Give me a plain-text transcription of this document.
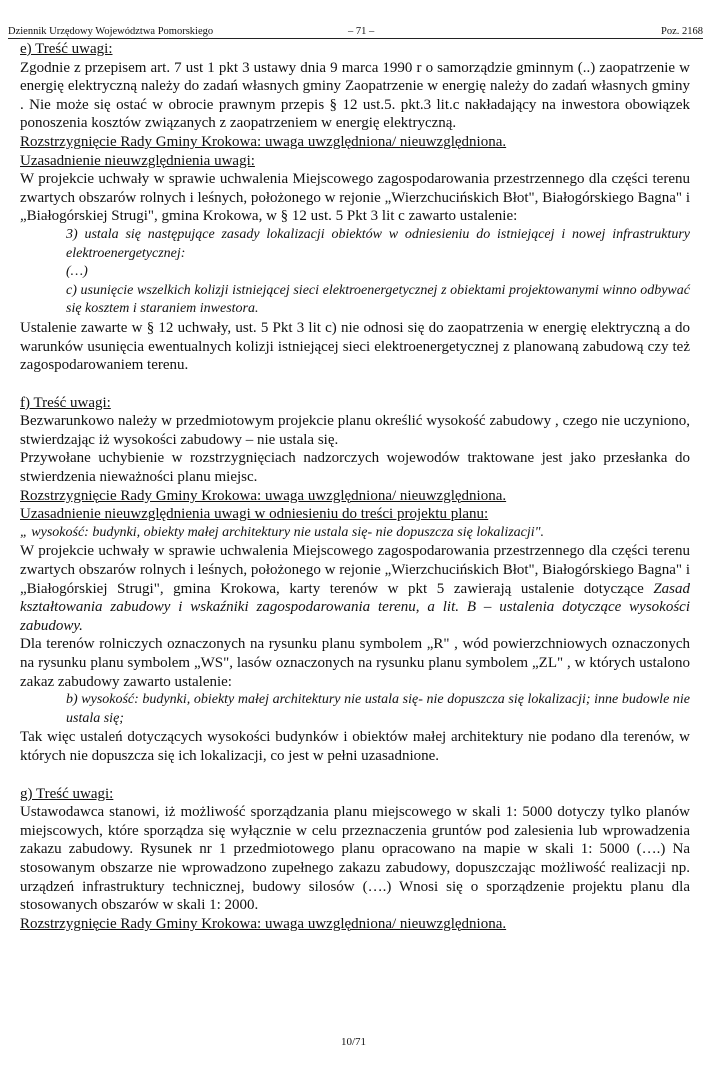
Dziennik Urzędowy Województwa Pomorskiego	– 71 –	Poz. 2168

e) Treść uwagi:

Zgodnie z przepisem art. 7 ust 1 pkt 3 ustawy dnia 9 marca 1990 r o samorządzie gminnym (..) zaopatrzenie w energię elektryczną należy do zadań własnych gminy Zaopatrzenie w energię należy do zadań własnych gminy . Nie może się ostać w obrocie prawnym przepis § 12 ust.5. pkt.3 lit.c nakładający na inwestora obowiązek ponoszenia kosztów związanych z zaopatrzeniem w energię elektryczną.

Rozstrzygnięcie Rady Gminy Krokowa: uwaga uwzględniona/ nieuwzględniona.

Uzasadnienie nieuwzględnienia uwagi:

W projekcie uchwały w sprawie uchwalenia Miejscowego zagospodarowania przestrzennego dla części terenu zwartych obszarów rolnych i leśnych, położonego w rejonie „Wierzchucińskich Błot", Białogórskiego Bagna" i „Białogórskiej Strugi", gmina Krokowa, w § 12 ust. 5 Pkt 3 lit c zawarto ustalenie:

3) ustala się następujące zasady lokalizacji obiektów w odniesieniu do istniejącej i nowej infrastruktury elektroenergetycznej:

(…)

c) usunięcie wszelkich kolizji istniejącej sieci elektroenergetycznej z obiektami projektowanymi winno odbywać się kosztem i staraniem inwestora.

Ustalenie zawarte w § 12 uchwały, ust. 5 Pkt 3 lit c) nie odnosi się do zaopatrzenia w energię elektryczną a do warunków usunięcia ewentualnych kolizji istniejącej sieci elektroenergetycznej z planowaną zabudową czy też zagospodarowaniem terenu.

f) Treść uwagi:

Bezwarunkowo należy w przedmiotowym projekcie planu określić wysokość zabudowy , czego nie uczyniono, stwierdzając iż wysokości zabudowy – nie ustala się.

Przywołane uchybienie w rozstrzygnięciach nadzorczych wojewodów traktowane jest jako przesłanka do stwierdzenia nieważności planu miejsc.

Rozstrzygnięcie Rady Gminy Krokowa: uwaga uwzględniona/ nieuwzględniona.

Uzasadnienie nieuwzględnienia uwagi w odniesieniu do treści projektu planu:

„ wysokość: budynki, obiekty małej architektury nie ustala się- nie dopuszcza się lokalizacji".

W projekcie uchwały w sprawie uchwalenia Miejscowego zagospodarowania przestrzennego dla części terenu zwartych obszarów rolnych i leśnych, położonego w rejonie „Wierzchucińskich Błot", Białogórskiego Bagna" i „Białogórskiej Strugi", gmina Krokowa, karty terenów w pkt 5 zawierają ustalenie dotyczące Zasad kształtowania zabudowy i wskaźniki zagospodarowania terenu, a lit. B – ustalenia dotyczące wysokości zabudowy.

Dla terenów rolniczych oznaczonych na rysunku planu symbolem „R" , wód powierzchniowych oznaczonych na rysunku planu symbolem „WS", lasów oznaczonych na rysunku planu symbolem „ZL" , w których ustalono zakaz zabudowy zawarto ustalenie:

b) wysokość: budynki, obiekty małej architektury nie ustala się- nie dopuszcza się lokalizacji; inne budowle nie ustala się;

Tak więc ustaleń dotyczących wysokości budynków i obiektów małej architektury nie podano dla terenów, w których nie dopuszcza się ich lokalizacji, co jest w pełni uzasadnione.

g) Treść uwagi:

Ustawodawca stanowi, iż możliwość sporządzania planu miejscowego w skali 1: 5000 dotyczy tylko planów miejscowych, które sporządza się wyłącznie w celu przeznaczenia gruntów pod zalesienia lub wprowadzenia zakazu zabudowy. Rysunek nr 1 przedmiotowego planu opracowano na mapie w skali 1: 5000 (….) Na stosowanym obszarze nie wprowadzono zupełnego zakazu zabudowy, dopuszczając możliwość realizacji np. urządzeń infrastruktury technicznej, budowy silosów (….) Wnosi się o sporządzenie projektu planu dla stosowanych obszarów w skali 1: 2000.

Rozstrzygnięcie Rady Gminy Krokowa: uwaga uwzględniona/ nieuwzględniona.

10/71
